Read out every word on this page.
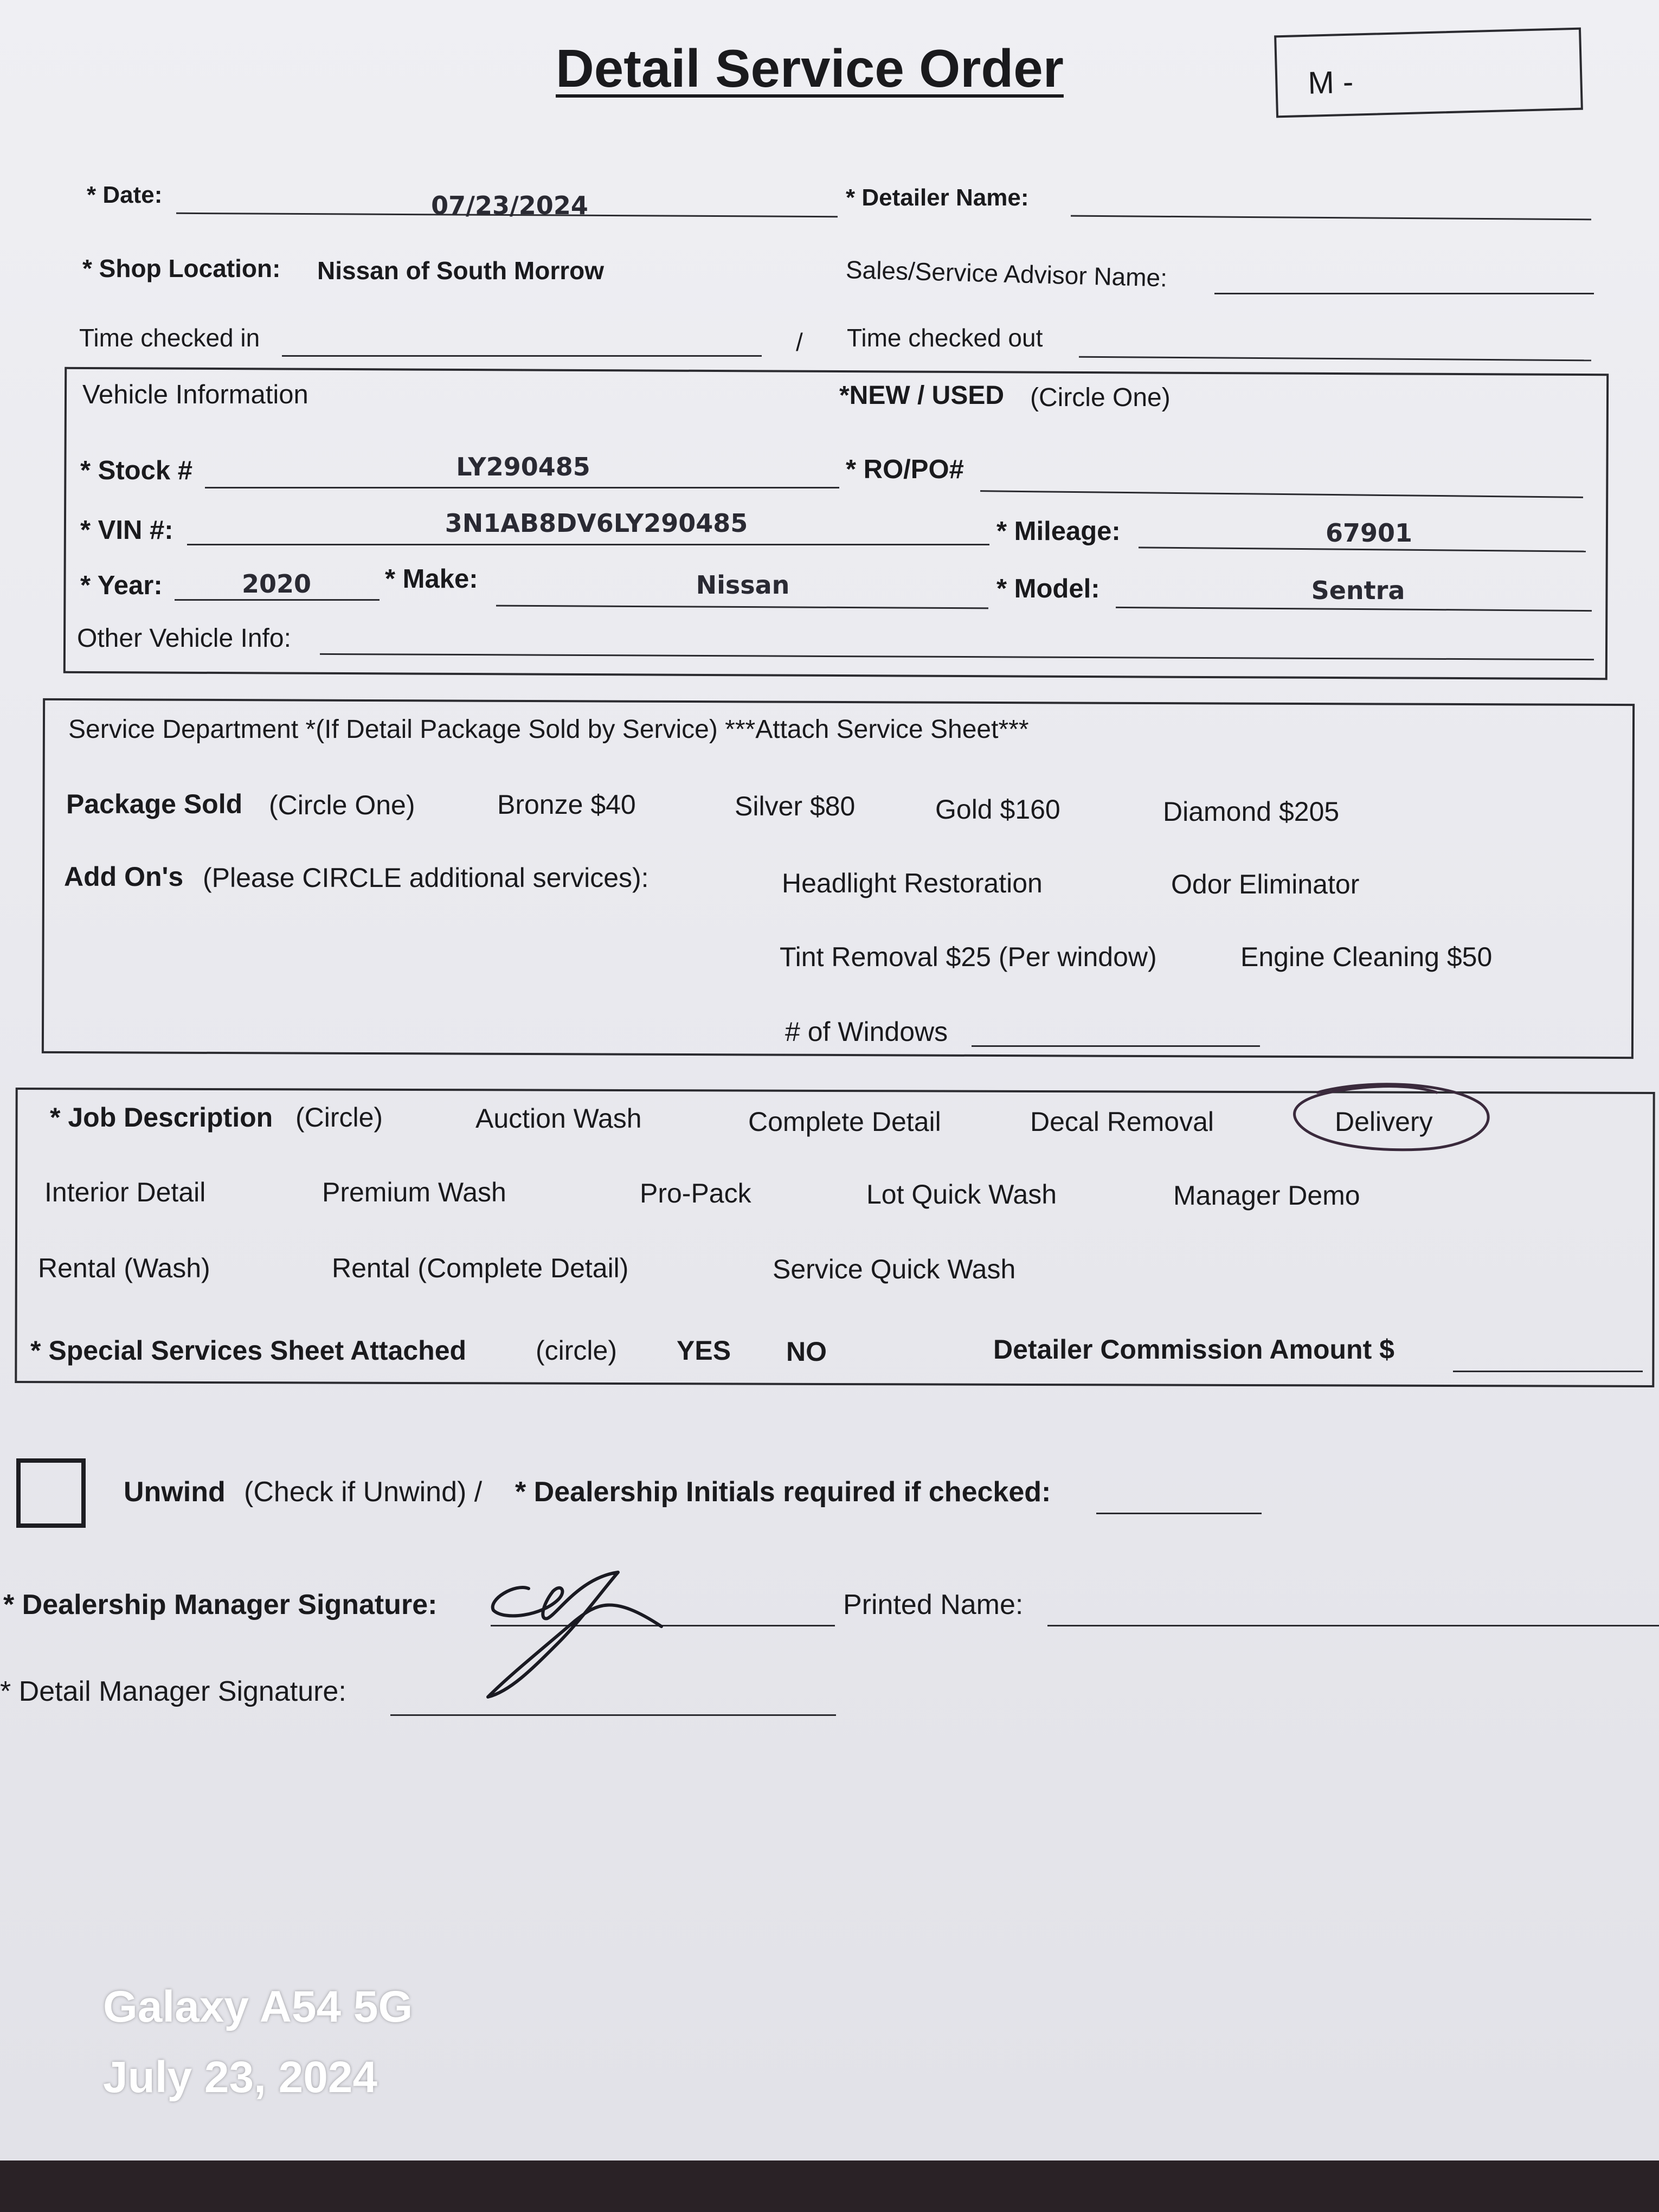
Detail Service Order	M -
* Date:	07/23/2024	* Detailer Name:
* Shop Location: Nissan of South Morrow	Sales/Service Advisor Name:
Time checked in	/ Time checked out
Vehicle Information	*NEW / USED (Circle One)
* Stock #	LY290485	* RO/PO#
* VIN #:	3N1AB8DV6LY290485	* Mileage:	67901
* Year:	2020	* Make:	Nissan	* Model:	Sentra
Other Vehicle Info:
Service Department *(If Detail Package Sold by Service) ***Attach Service Sheet***
Package Sold (Circle One)	Bronze $40	Silver $80	Gold $160	Diamond $205
Add On's (Please CIRCLE additional services):	Headlight Restoration	Odor Eliminator
Tint Removal $25 (Per window)	Engine Cleaning $50
# of Windows
* Job Description (Circle)	Auction Wash	Complete Detail	Decal Removal	Delivery
Interior Detail	Premium Wash	Pro-Pack	Lot Quick Wash	Manager Demo
Rental (Wash)	Rental (Complete Detail)	Service Quick Wash
* Special Services Sheet Attached	(circle) YES NO	Detailer Commission Amount $
Unwind (Check if Unwind) / * Dealership Initials required if checked:
* Dealership Manager Signature:	Printed Name:
* Detail Manager Signature:
Galaxy A54 5G
July 23, 2024
